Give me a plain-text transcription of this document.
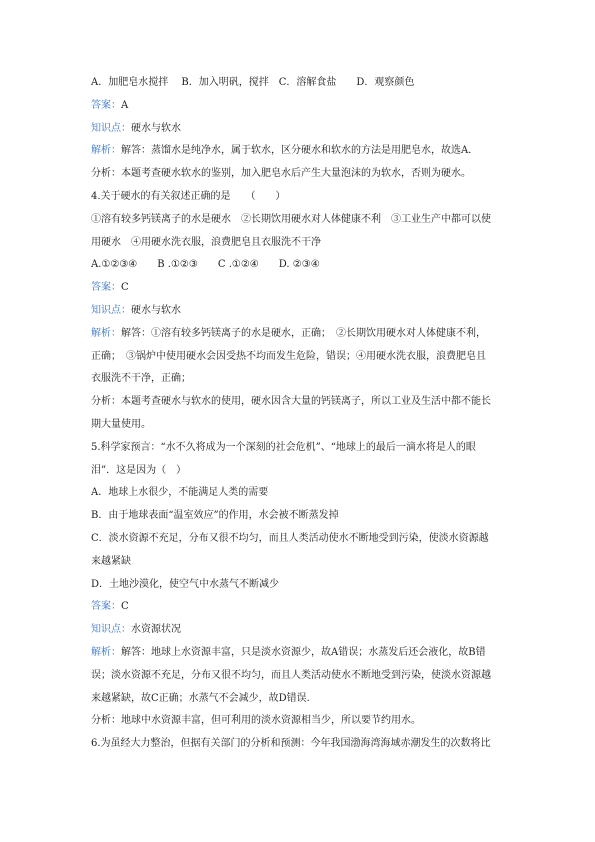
A．加肥皂水搅拌　 B．加入明矾，搅拌　C．溶解食盐　　D．观察颜色
答案：A
知识点：硬水与软水
解析：解答：蒸馏水是纯净水，属于软水，区分硬水和软水的方法是用肥皂水，故选A．
分析：本题考查硬水软水的鉴别，加入肥皂水后产生大量泡沫的为软水，否则为硬水。
4.关于硬水的有关叙述正确的是　　（　　）
①溶有较多钙镁离子的水是硬水　②长期饮用硬水对人体健康不利　③工业生产中都可以使
用硬水　④用硬水洗衣服，浪费肥皂且衣服洗不干净
A.①②③④　　B .①②③　　C .①②④　　D. ②③④
答案：C
知识点：硬水与软水
解析：解答：①溶有较多钙镁离子的水是硬水，正确；　②长期饮用硬水对人体健康不利，
正确；　③锅炉中使用硬水会因受热不均而发生危险，错误；④用硬水洗衣服，浪费肥皂且
衣服洗不干净，正确；
分析：本题考查硬水与软水的使用，硬水因含大量的钙镁离子，所以工业及生活中都不能长
期大量使用。
5.科学家预言：“水不久将成为一个深刻的社会危机”、“地球上的最后一滴水将是人的眼
泪”．这是因为（　）
A．地球上水很少，不能满足人类的需要
B．由于地球表面“温室效应”的作用，水会被不断蒸发掉
C．淡水资源不充足，分布又很不均匀，而且人类活动使水不断地受到污染，使淡水资源越
来越紧缺
D．土地沙漠化，使空气中水蒸气不断减少
答案：C
知识点：水资源状况
解析：解答：地球上水资源丰富，只是淡水资源少，故A错误；水蒸发后还会液化，故B错
误；淡水资源不充足，分布又很不均匀，而且人类活动使水不断地受到污染，使淡水资源越
来越紧缺，故C正确；水蒸气不会减少，故D错误．
分析：地球中水资源丰富，但可利用的淡水资源相当少，所以要节约用水。
6.为虽经大力整治，但据有关部门的分析和预测：今年我国渤海湾海域赤潮发生的次数将比
